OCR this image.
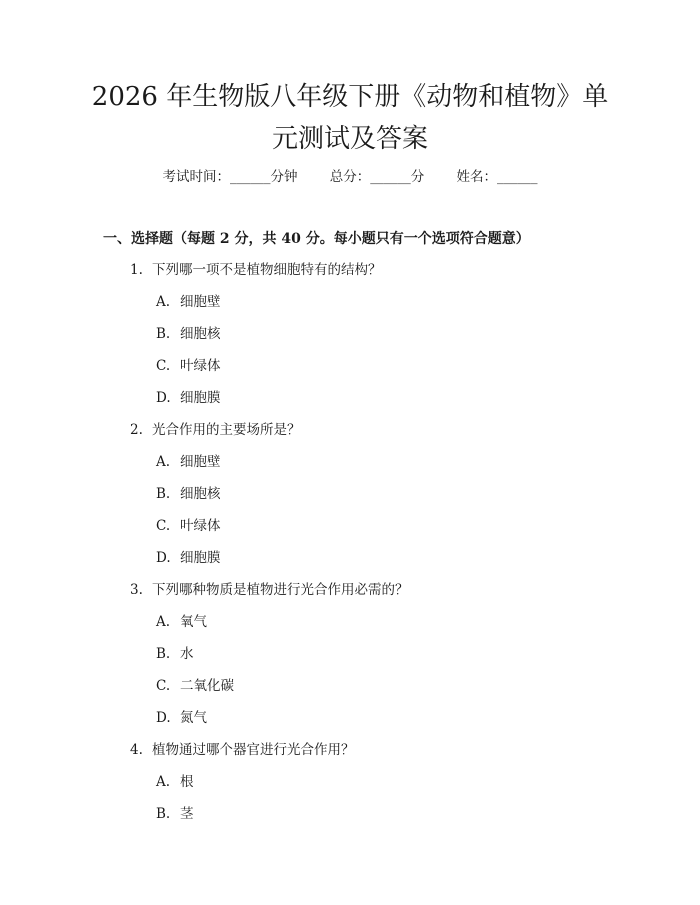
2026 年生物版八年级下册《动物和植物》单
元测试及答案
考试时间：______分钟 总分：______分 姓名：______
一、选择题（每题 2 分，共 40 分。每小题只有一个选项符合题意）
1. 下列哪一项不是植物细胞特有的结构？
A. 细胞壁
B. 细胞核
C. 叶绿体
D. 细胞膜
2. 光合作用的主要场所是？
A. 细胞壁
B. 细胞核
C. 叶绿体
D. 细胞膜
3. 下列哪种物质是植物进行光合作用必需的？
A. 氧气
B. 水
C. 二氧化碳
D. 氮气
4. 植物通过哪个器官进行光合作用？
A. 根
B. 茎
